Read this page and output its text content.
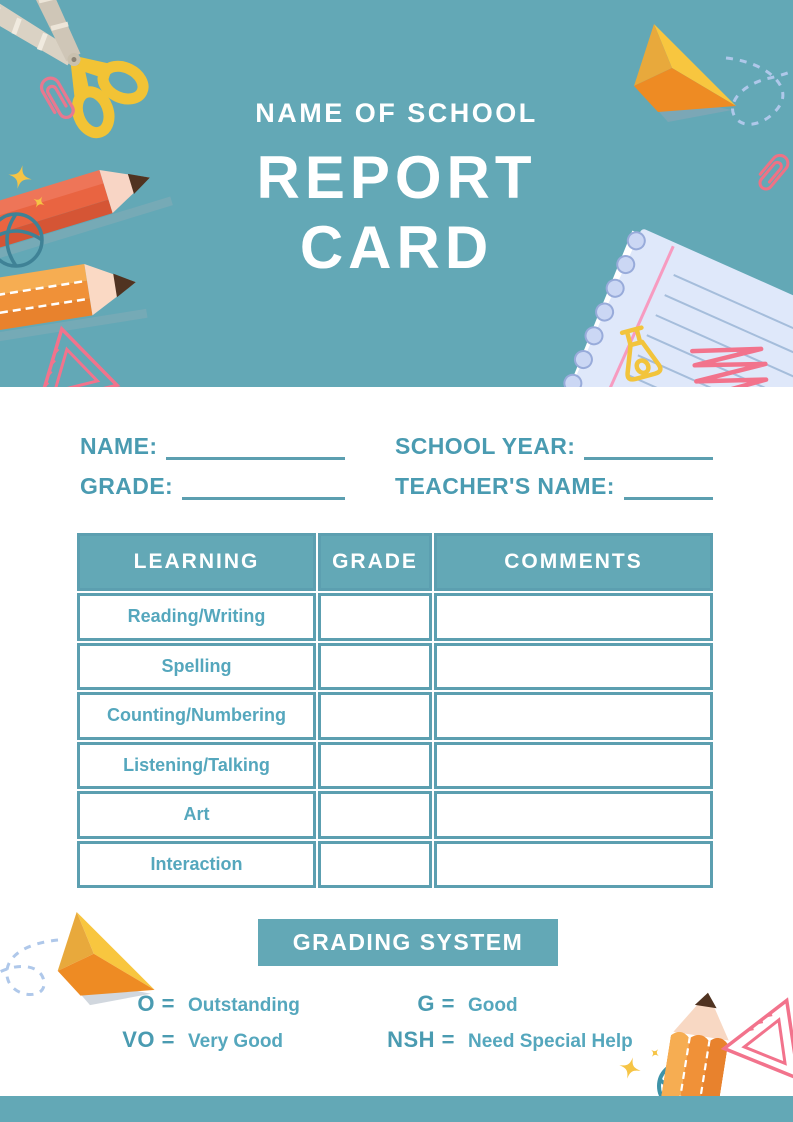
NAME OF SCHOOL
REPORT
CARD
NAME:	SCHOOL YEAR:
GRADE:	TEACHER'S NAME:
LEARNING	GRADE	COMMENTS
Reading/Writing
Spelling
Counting/Numbering
Listening/Talking
Art
Interaction
GRADING SYSTEM
O = Outstanding	G = Good
VO = Very Good	NSH = Need Special Help
